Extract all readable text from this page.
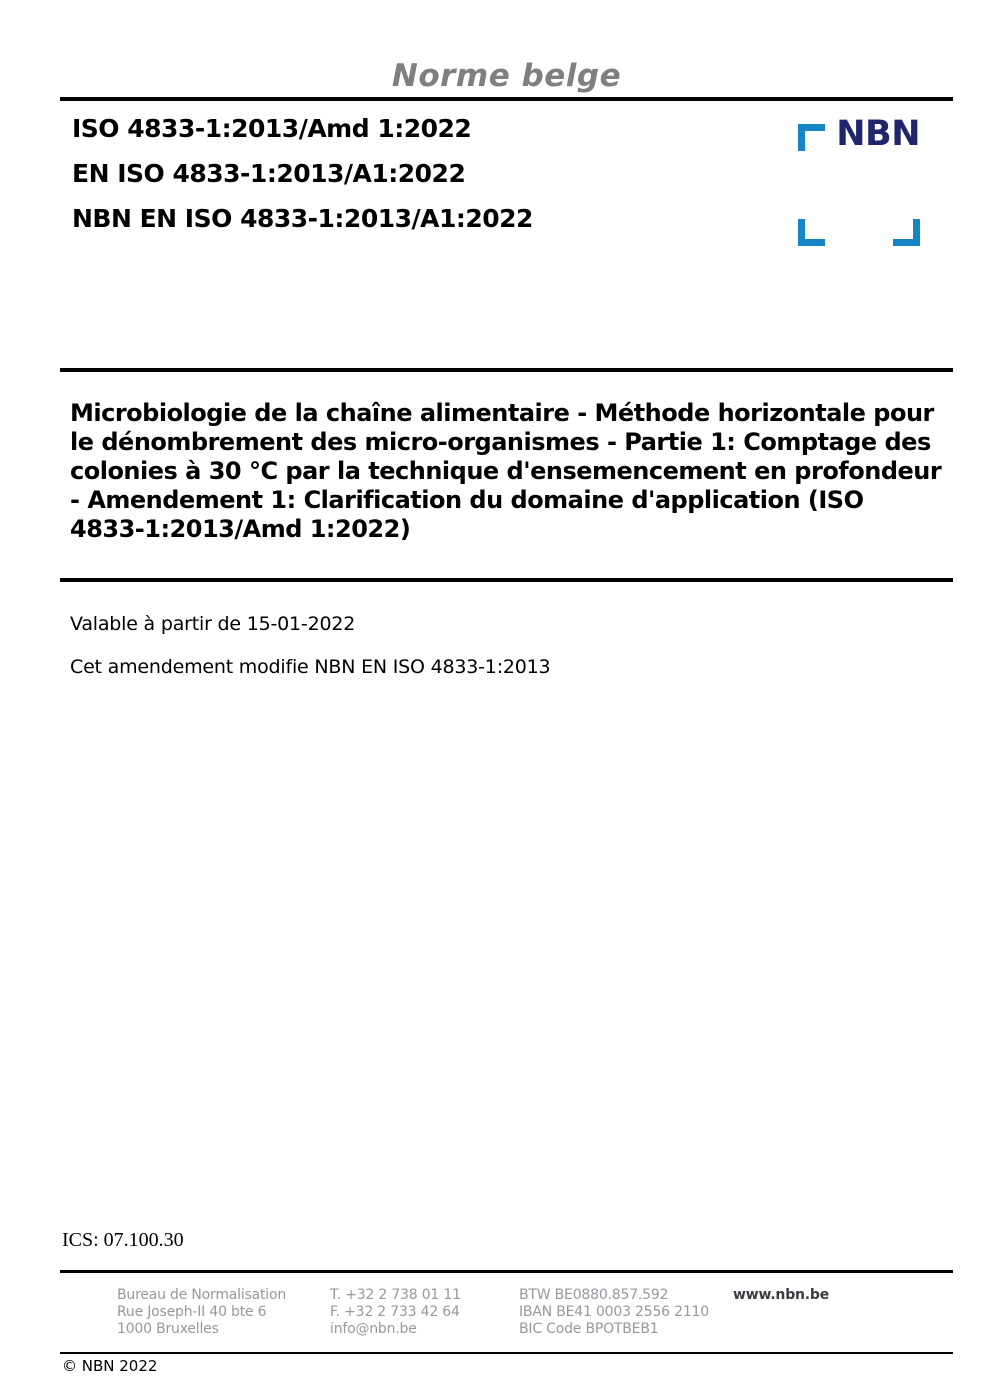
Norme belge
ISO 4833-1:2013/Amd 1:2022
EN ISO 4833-1:2013/A1:2022
NBN EN ISO 4833-1:2013/A1:2022
NBN
Microbiologie de la chaîne alimentaire - Méthode horizontale pour
le dénombrement des micro-organismes - Partie 1: Comptage des
colonies à 30 °C par la technique d'ensemencement en profondeur
- Amendement 1: Clarification du domaine d'application (ISO
4833-1:2013/Amd 1:2022)
Valable à partir de 15-01-2022
Cet amendement modifie NBN EN ISO 4833-1:2013
ICS: 07.100.30
Bureau de Normalisation
Rue Joseph-II 40 bte 6
1000 Bruxelles
T. +32 2 738 01 11
F. +32 2 733 42 64
info@nbn.be
BTW BE0880.857.592
IBAN BE41 0003 2556 2110
BIC Code BPOTBEB1
www.nbn.be
© NBN 2022
